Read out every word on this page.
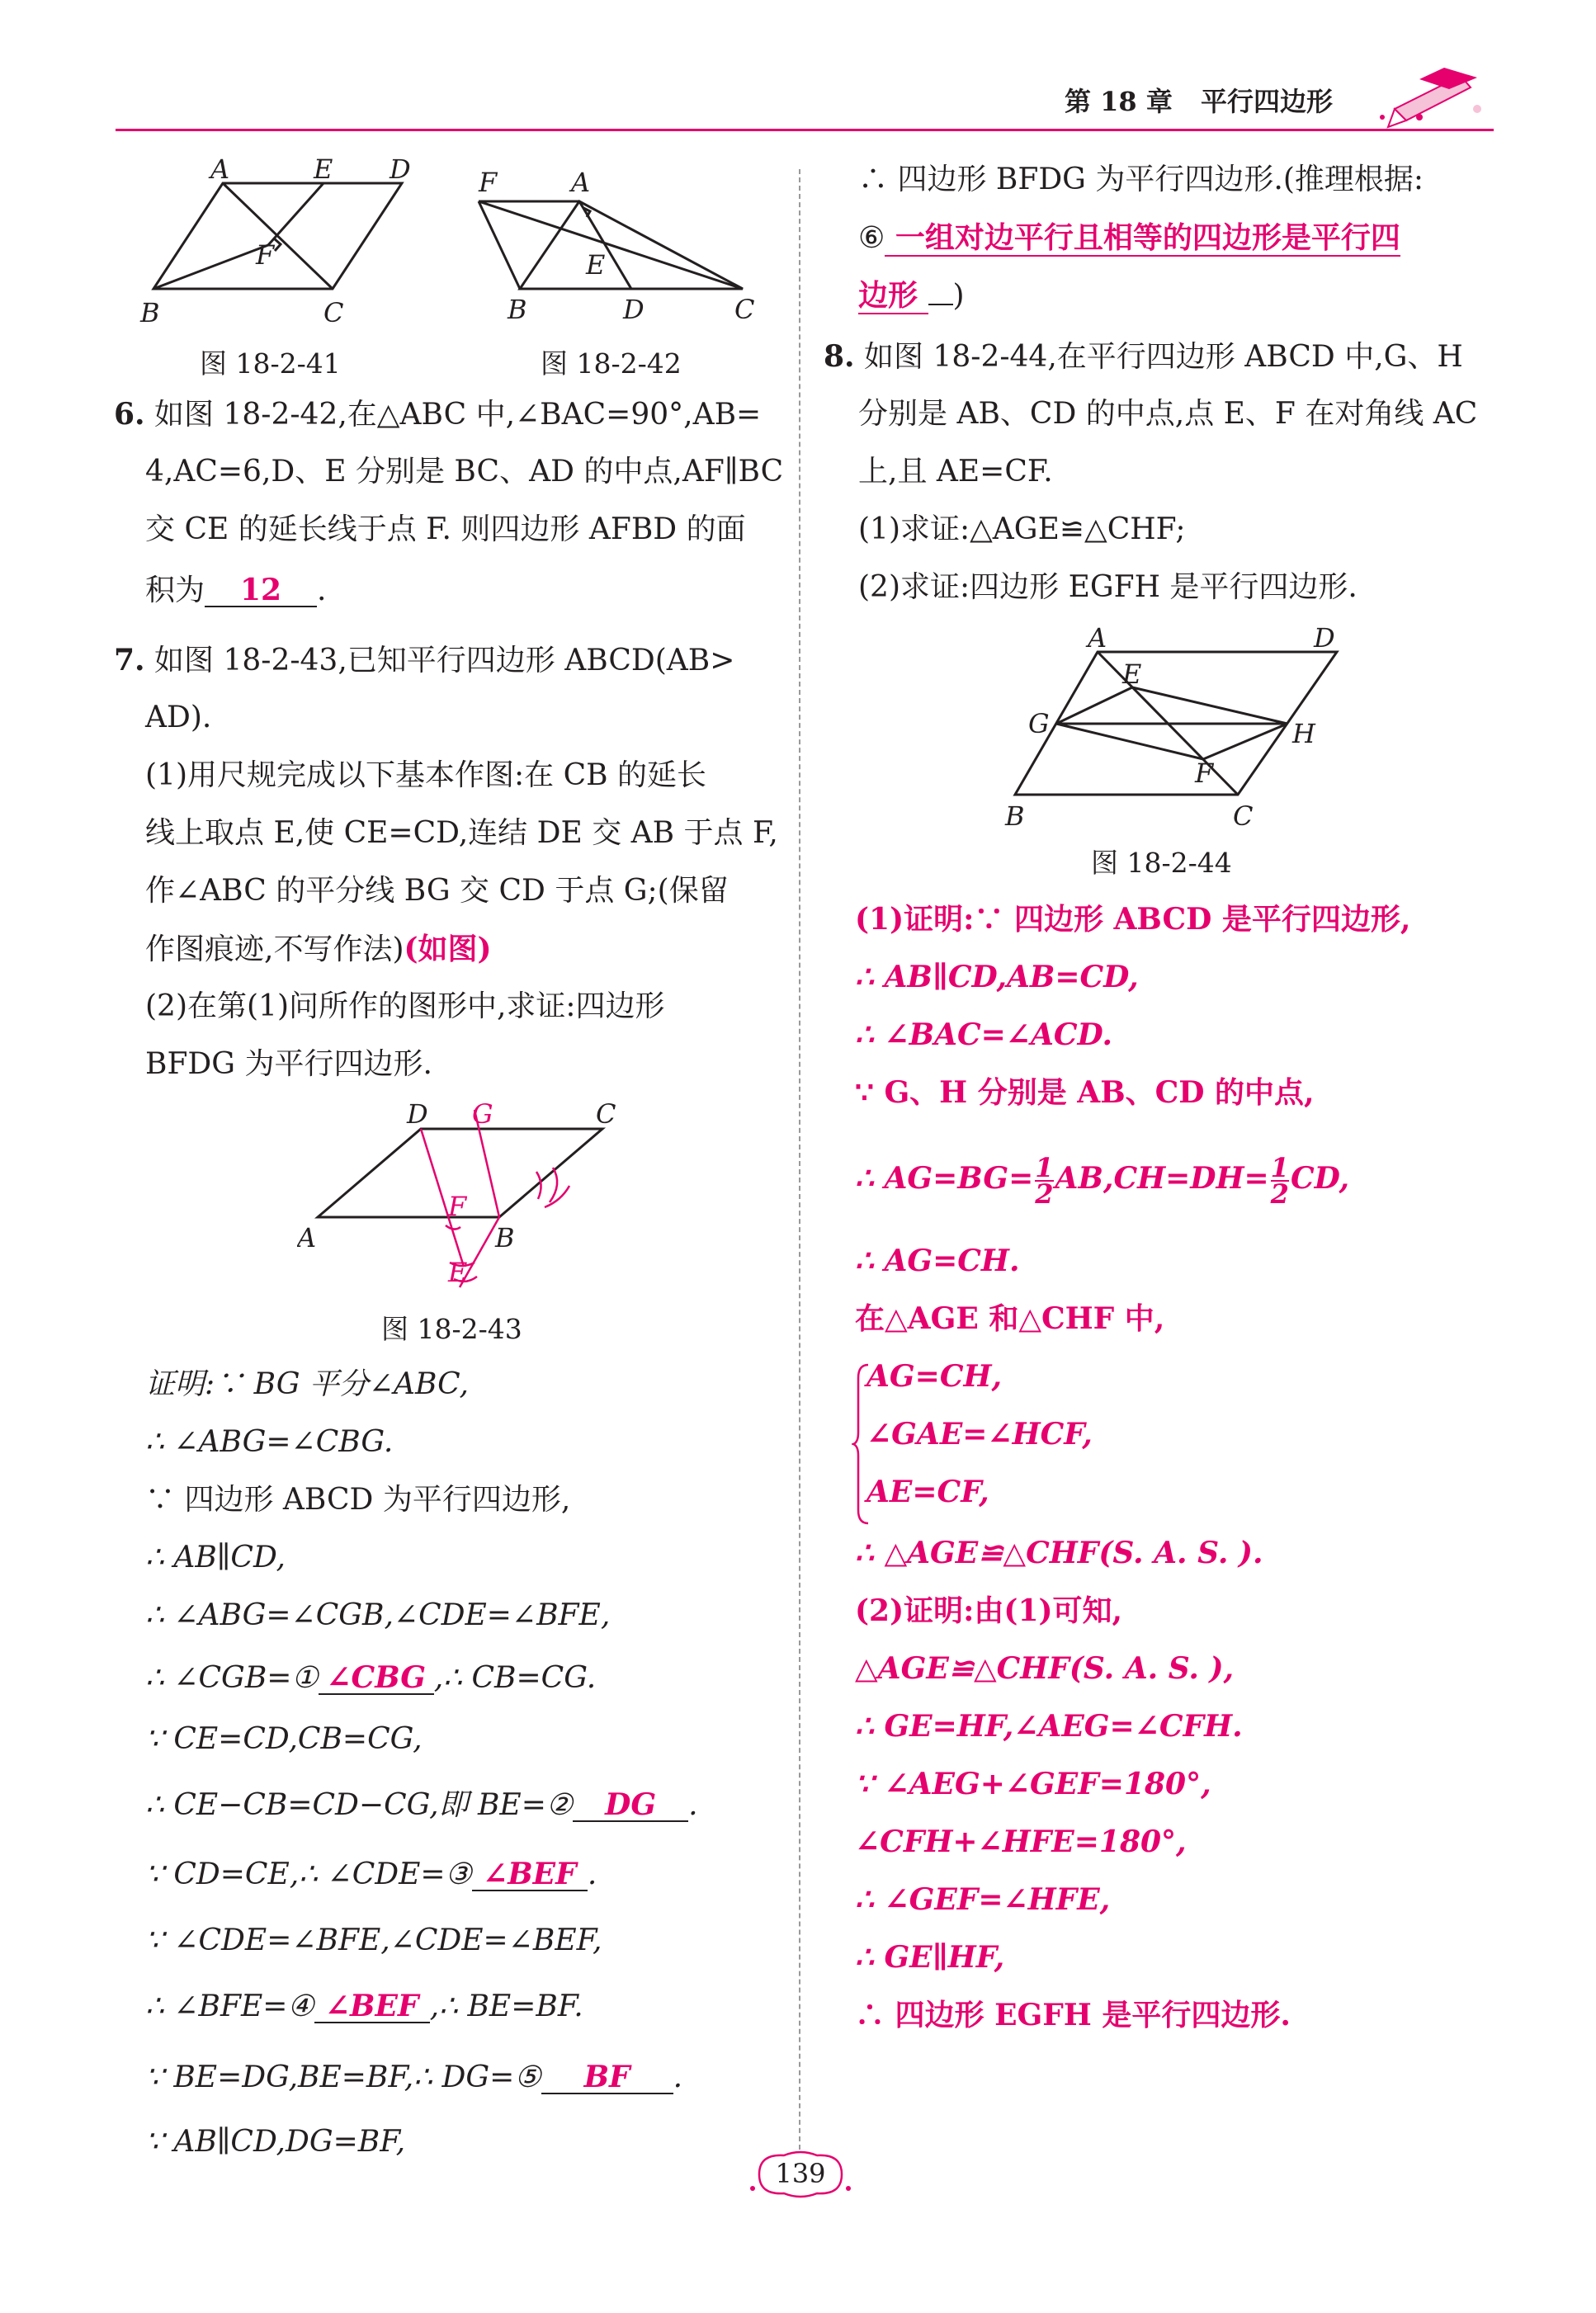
第 18 章 平行四边形
A	E D
F
B	C
图 18-2-41
F	A
E
B	D	C
图 18-2-42
6. 如图 18-2-42,在△ABC 中,∠BAC=90°,AB=
4,AC=6,D、E 分别是 BC、AD 的中点,AF∥BC
交 CE 的延长线于点 F. 则四边形 AFBD 的面
积为 12 .
7. 如图 18-2-43,已知平行四边形 ABCD(AB>
AD).
(1)用尺规完成以下基本作图:在 CB 的延长
线上取点 E,使 CE=CD,连结 DE 交 AB 于点 F,
作∠ABC 的平分线 BG 交 CD 于点 G;(保留
作图痕迹,不写作法)(如图)
(2)在第(1)问所作的图形中,求证:四边形
BFDG 为平行四边形.
D	C
A	B
G
F
E
图 18-2-43
证明:∵ BG 平分∠ABC,
∴ ∠ABG=∠CBG.
∵ 四边形 ABCD 为平行四边形,
∴ AB∥CD,
∴ ∠ABG=∠CGB,∠CDE=∠BFE,
∴ ∠CGB=① ∠CBG ,∴ CB=CG.
∵ CE=CD,CB=CG,
∴ CE−CB=CD−CG,即 BE=② DG .
∵ CD=CE,∴ ∠CDE=③ ∠BEF .
∵ ∠CDE=∠BFE,∠CDE=∠BEF,
∴ ∠BFE=④ ∠BEF ,∴ BE=BF.
∵ BE=DG,BE=BF,∴ DG=⑤ BF .
∵ AB∥CD,DG=BF,
∴ 四边形 BFDG 为平行四边形.(推理根据:
⑥ 一组对边平行且相等的四边形是平行四
边形 )
8. 如图 18-2-44,在平行四边形 ABCD 中,G、H
分别是 AB、CD 的中点,点 E、F 在对角线 AC
上,且 AE=CF.
(1)求证:△AGE≌△CHF;
(2)求证:四边形 EGFH 是平行四边形.
A
E
D
G	H
F
B	C
图 18-2-44
(1)证明:∵ 四边形 ABCD 是平行四边形,
∴ AB∥CD,AB=CD,
∴ ∠BAC=∠ACD.
∵ G、H 分别是 AB、CD 的中点,
∴ $AG=BG= \frac{1}{2} AB,CH=DH= \frac{1}{2}$ CD,
∴ AG=CH.
在△AGE 和△CHF 中,
AG=CH,
∠GAE=∠HCF,
AE=CF,
∴ △AGE≌△CHF(S. A. S. ).
(2)证明:由(1)可知,
△AGE≌△CHF(S. A. S. ),
∴ GE=HF,∠AEG=∠CFH.
∵ ∠AEG+∠GEF=180°,
∠CFH+∠HFE=180°,
∴ ∠GEF=∠HFE,
∴ GE∥HF,
∴ 四边形 EGFH 是平行四边形.
139
